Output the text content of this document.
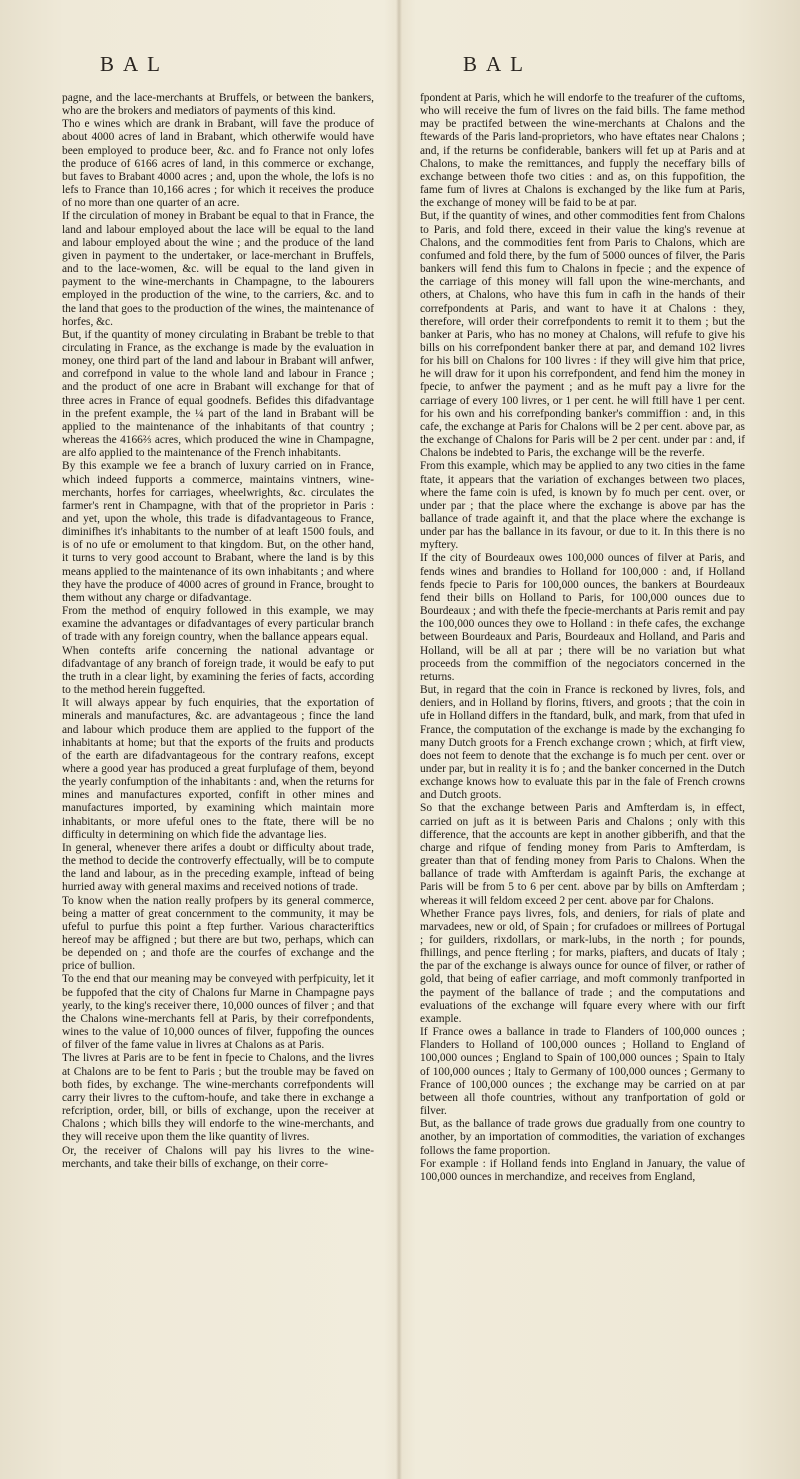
BAL	BAL

pagne, and the lace-merchants at Bruffels, or between the bankers, who are the brokers and mediators of payments of this kind.

Tho e wines which are drank in Brabant, will fave the produce of about 4000 acres of land in Brabant, which otherwife would have been employed to produce beer, &c. and fo France not only lofes the produce of 6166 acres of land, in this commerce or exchange, but faves to Brabant 4000 acres ; and, upon the whole, the lofs is no lefs to France than 10,166 acres ; for which it receives the produce of no more than one quarter of an acre.

If the circulation of money in Brabant be equal to that in France, the land and labour employed about the lace will be equal to the land and labour employed about the wine ; and the produce of the land given in payment to the undertaker, or lace-merchant in Bruffels, and to the lace-women, &c. will be equal to the land given in payment to the wine-merchants in Champagne, to the labourers employed in the production of the wine, to the carriers, &c. and to the land that goes to the production of the wines, the maintenance of horfes, &c.

But, if the quantity of money circulating in Brabant be treble to that circulating in France, as the exchange is made by the evaluation in money, one third part of the land and labour in Brabant will anfwer, and correfpond in value to the whole land and labour in France ; and the product of one acre in Brabant will exchange for that of three acres in France of equal goodnefs. Befides this difadvantage in the prefent example, the ¼ part of the land in Brabant will be applied to the maintenance of the inhabitants of that country ; whereas the 4166⅔ acres, which produced the wine in Champagne, are alfo applied to the maintenance of the French inhabitants.

By this example we fee a branch of luxury carried on in France, which indeed fupports a commerce, maintains vintners, wine-merchants, horfes for carriages, wheelwrights, &c. circulates the farmer's rent in Champagne, with that of the proprietor in Paris : and yet, upon the whole, this trade is difadvantageous to France, diminifhes it's inhabitants to the number of at leaft 1500 fouls, and is of no ufe or emolument to that kingdom. But, on the other hand, it turns to very good account to Brabant, where the land is by this means applied to the maintenance of its own inhabitants ; and where they have the produce of 4000 acres of ground in France, brought to them without any charge or difadvantage.

From the method of enquiry followed in this example, we may examine the advantages or difadvantages of every particular branch of trade with any foreign country, when the ballance appears equal.

When contefts arife concerning the national advantage or difadvantage of any branch of foreign trade, it would be eafy to put the truth in a clear light, by examining the feries of facts, according to the method herein fuggefted.

It will always appear by fuch enquiries, that the exportation of minerals and manufactures, &c. are advantageous ; fince the land and labour which produce them are applied to the fupport of the inhabitants at home; but that the exports of the fruits and products of the earth are difadvantageous for the contrary reafons, except where a good year has produced a great furplufage of them, beyond the yearly confumption of the inhabitants : and, when the returns for mines and manufactures exported, confift in other mines and manufactures imported, by examining which maintain more inhabitants, or more ufeful ones to the ftate, there will be no difficulty in determining on which fide the advantage lies.

In general, whenever there arifes a doubt or difficulty about trade, the method to decide the controverfy effectually, will be to compute the land and labour, as in the preceding example, inftead of being hurried away with general maxims and received notions of trade.

To know when the nation really profpers by its general commerce, being a matter of great concernment to the community, it may be ufeful to purfue this point a ftep further. Various characteriftics hereof may be affigned ; but there are but two, perhaps, which can be depended on ; and thofe are the courfes of exchange and the price of bullion.

To the end that our meaning may be conveyed with perfpicuity, let it be fuppofed that the city of Chalons fur Marne in Champagne pays yearly, to the king's receiver there, 10,000 ounces of filver ; and that the Chalons wine-merchants fell at Paris, by their correfpondents, wines to the value of 10,000 ounces of filver, fuppofing the ounces of filver of the fame value in livres at Chalons as at Paris.

The livres at Paris are to be fent in fpecie to Chalons, and the livres at Chalons are to be fent to Paris ; but the trouble may be faved on both fides, by exchange. The wine-merchants correfpondents will carry their livres to the cuftom-houfe, and take there in exchange a refcription, order, bill, or bills of exchange, upon the receiver at Chalons ; which bills they will endorfe to the wine-merchants, and they will receive upon them the like quantity of livres.

Or, the receiver of Chalons will pay his livres to the wine-merchants, and take their bills of exchange, on their corre-

fpondent at Paris, which he will endorfe to the treafurer of the cuftoms, who will receive the fum of livres on the faid bills. The fame method may be practifed between the wine-merchants at Chalons and the ftewards of the Paris land-proprietors, who have eftates near Chalons ; and, if the returns be confiderable, bankers will fet up at Paris and at Chalons, to make the remittances, and fupply the neceffary bills of exchange between thofe two cities : and as, on this fuppofition, the fame fum of livres at Chalons is exchanged by the like fum at Paris, the exchange of money will be faid to be at par.

But, if the quantity of wines, and other commodities fent from Chalons to Paris, and fold there, exceed in their value the king's revenue at Chalons, and the commodities fent from Paris to Chalons, which are confumed and fold there, by the fum of 5000 ounces of filver, the Paris bankers will fend this fum to Chalons in fpecie ; and the expence of the carriage of this money will fall upon the wine-merchants, and others, at Chalons, who have this fum in cafh in the hands of their correfpondents at Paris, and want to have it at Chalons : they, therefore, will order their correfpondents to remit it to them ; but the banker at Paris, who has no money at Chalons, will refufe to give his bills on his correfpondent banker there at par, and demand 102 livres for his bill on Chalons for 100 livres : if they will give him that price, he will draw for it upon his correfpondent, and fend him the money in fpecie, to anfwer the payment ; and as he muft pay a livre for the carriage of every 100 livres, or 1 per cent. he will ftill have 1 per cent. for his own and his correfponding banker's commiffion : and, in this cafe, the exchange at Paris for Chalons will be 2 per cent. above par, as the exchange of Chalons for Paris will be 2 per cent. under par : and, if Chalons be indebted to Paris, the exchange will be the reverfe.

From this example, which may be applied to any two cities in the fame ftate, it appears that the variation of exchanges between two places, where the fame coin is ufed, is known by fo much per cent. over, or under par ; that the place where the exchange is above par has the ballance of trade againft it, and that the place where the exchange is under par has the ballance in its favour, or due to it. In this there is no myftery.

If the city of Bourdeaux owes 100,000 ounces of filver at Paris, and fends wines and brandies to Holland for 100,000 : and, if Holland fends fpecie to Paris for 100,000 ounces, the bankers at Bourdeaux fend their bills on Holland to Paris, for 100,000 ounces due to Bourdeaux ; and with thefe the fpecie-merchants at Paris remit and pay the 100,000 ounces they owe to Holland : in thefe cafes, the exchange between Bourdeaux and Paris, Bourdeaux and Holland, and Paris and Holland, will be all at par ; there will be no variation but what proceeds from the commiffion of the negociators concerned in the returns.

But, in regard that the coin in France is reckoned by livres, fols, and deniers, and in Holland by florins, ftivers, and groots ; that the coin in ufe in Holland differs in the ftandard, bulk, and mark, from that ufed in France, the computation of the exchange is made by the exchanging fo many Dutch groots for a French exchange crown ; which, at firft view, does not feem to denote that the exchange is fo much per cent. over or under par, but in reality it is fo ; and the banker concerned in the Dutch exchange knows how to evaluate this par in the fale of French crowns and Dutch groots.

So that the exchange between Paris and Amfterdam is, in effect, carried on juft as it is between Paris and Chalons ; only with this difference, that the accounts are kept in another gibberifh, and that the charge and rifque of fending money from Paris to Amfterdam, is greater than that of fending money from Paris to Chalons. When the ballance of trade with Amfterdam is againft Paris, the exchange at Paris will be from 5 to 6 per cent. above par by bills on Amfterdam ; whereas it will feldom exceed 2 per cent. above par for Chalons.

Whether France pays livres, fols, and deniers, for rials of plate and marvadees, new or old, of Spain ; for crufadoes or millrees of Portugal ; for guilders, rixdollars, or mark-lubs, in the north ; for pounds, fhillings, and pence fterling ; for marks, piafters, and ducats of Italy ; the par of the exchange is always ounce for ounce of filver, or rather of gold, that being of eafier carriage, and moft commonly tranfported in the payment of the ballance of trade ; and the computations and evaluations of the exchange will fquare every where with our firft example.

If France owes a ballance in trade to Flanders of 100,000 ounces ; Flanders to Holland of 100,000 ounces ; Holland to England of 100,000 ounces ; England to Spain of 100,000 ounces ; Spain to Italy of 100,000 ounces ; Italy to Germany of 100,000 ounces ; Germany to France of 100,000 ounces ; the exchange may be carried on at par between all thofe countries, without any tranfportation of gold or filver.

But, as the ballance of trade grows due gradually from one country to another, by an importation of commodities, the variation of exchanges follows the fame proportion.

For example : if Holland fends into England in January, the value of 100,000 ounces in merchandize, and receives from England,
